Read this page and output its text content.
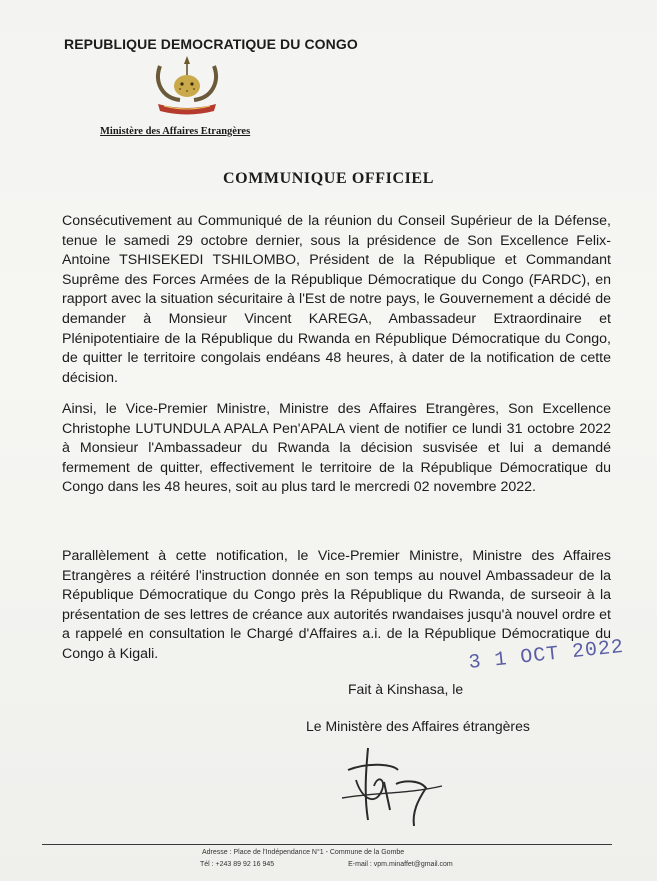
REPUBLIQUE DEMOCRATIQUE DU CONGO
Ministère des Affaires Etrangères
COMMUNIQUE OFFICIEL
Consécutivement au Communiqué de la réunion du Conseil Supérieur de la Défense, tenue le samedi 29 octobre dernier, sous la présidence de Son Excellence Felix-Antoine TSHISEKEDI TSHILOMBO, Président de la République et Commandant Suprême des Forces Armées de la République Démocratique du Congo (FARDC), en rapport avec la situation sécuritaire à l'Est de notre pays, le Gouvernement a décidé de demander à Monsieur Vincent KAREGA, Ambassadeur Extraordinaire et Plénipotentiaire de la République du Rwanda en République Démocratique du Congo, de quitter le territoire congolais endéans 48 heures, à dater de la notification de cette décision.
Ainsi, le Vice-Premier Ministre, Ministre des Affaires Etrangères, Son Excellence Christophe LUTUNDULA APALA Pen'APALA vient de notifier ce lundi 31 octobre 2022 à Monsieur l'Ambassadeur du Rwanda la décision susvisée et lui a demandé fermement de quitter, effectivement le territoire de la République Démocratique du Congo dans les 48 heures, soit au plus tard le mercredi 02 novembre 2022.
Parallèlement à cette notification, le Vice-Premier Ministre, Ministre des Affaires Etrangères a réitéré l'instruction donnée en son temps au nouvel Ambassadeur de la République Démocratique du Congo près la République du Rwanda, de surseoir à la présentation de ses lettres de créance aux autorités rwandaises jusqu'à nouvel ordre et a rappelé en consultation le Chargé d'Affaires a.i. de la République Démocratique du Congo à Kigali.
Fait à Kinshasa, le
3 1 OCT 2022
Le Ministère des Affaires étrangères
Adresse : Place de l'Indépendance N°1 - Commune de la Gombe
Tél : +243 89 92 16 945	E-mail : vpm.minaffet@gmail.com
